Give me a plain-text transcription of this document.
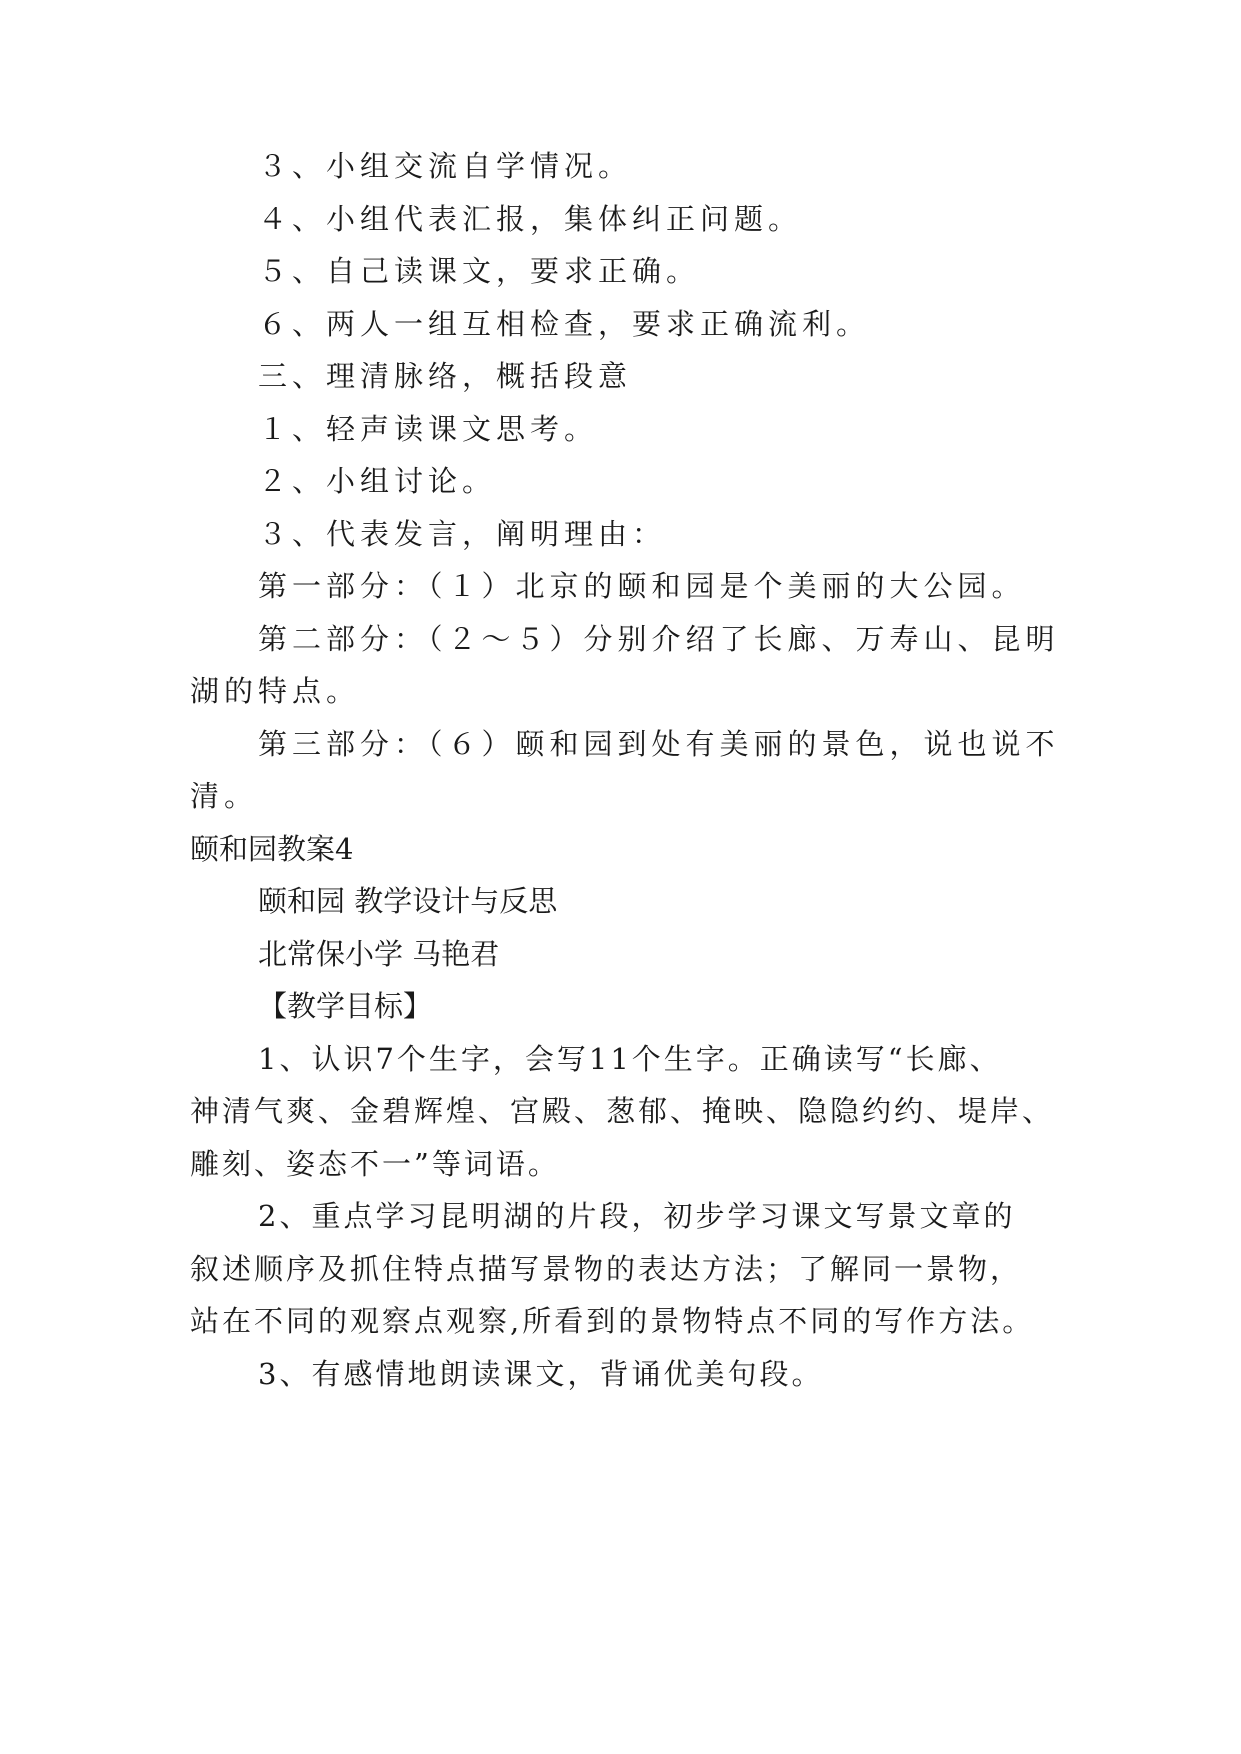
３、小组交流自学情况。

４、小组代表汇报，集体纠正问题。

５、自己读课文，要求正确。

６、两人一组互相检查，要求正确流利。

三、理清脉络，概括段意

１、轻声读课文思考。

２、小组讨论。

３、代表发言，阐明理由：

第一部分：（１）北京的颐和园是个美丽的大公园。

第二部分：（２～５）分别介绍了长廊、万寿山、昆明

湖的特点。

第三部分：（６）颐和园到处有美丽的景色，说也说不

清。

颐和园教案4

颐和园 教学设计与反思

北常保小学 马艳君

【教学目标】

1、认识7个生字，会写11个生字。正确读写“长廊、

神清气爽、金碧辉煌、宫殿、葱郁、掩映、隐隐约约、堤岸、

雕刻、姿态不一”等词语。

2、重点学习昆明湖的片段，初步学习课文写景文章的

叙述顺序及抓住特点描写景物的表达方法；了解同一景物，

站在不同的观察点观察,所看到的景物特点不同的写作方法。

3、有感情地朗读课文，背诵优美句段。
